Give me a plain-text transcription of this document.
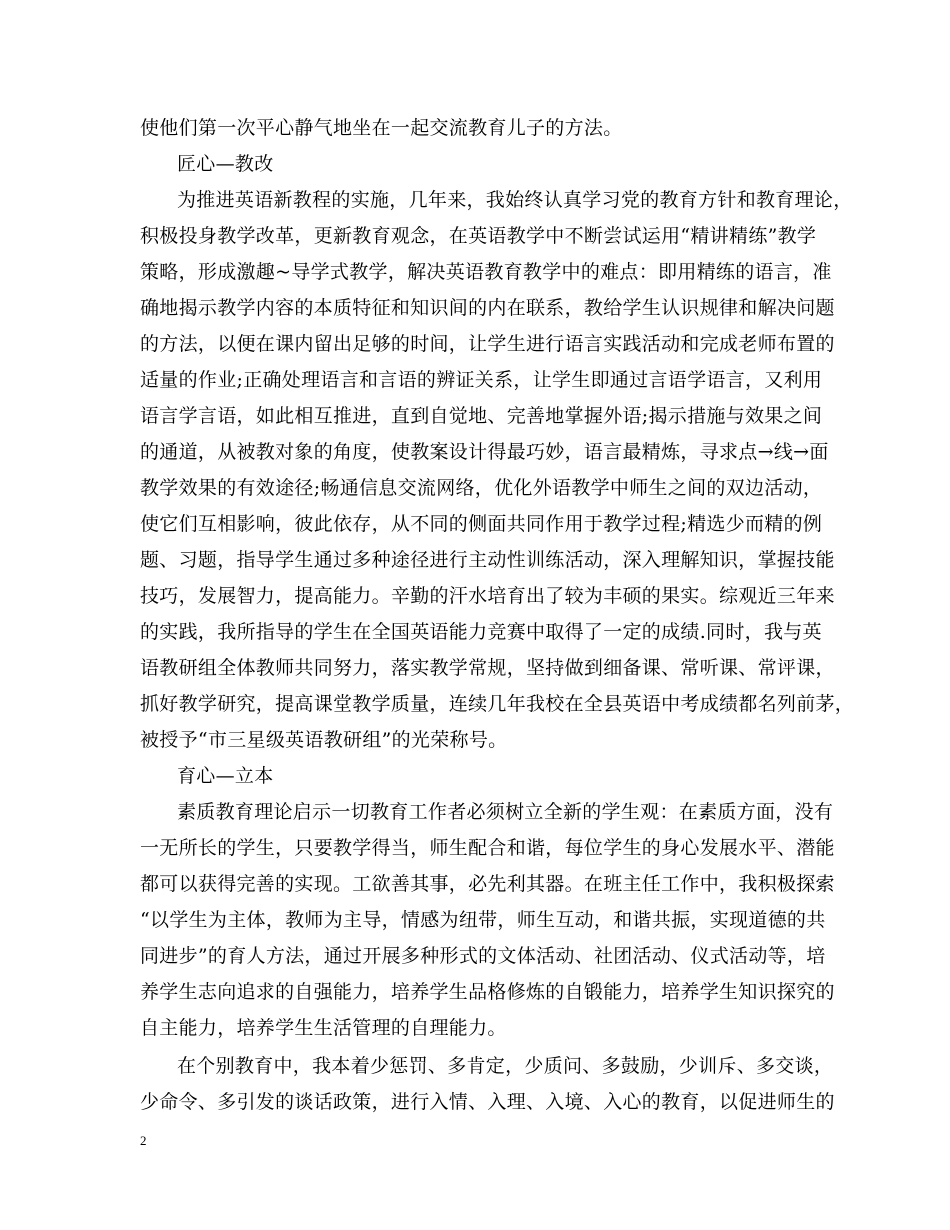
使他们第一次平心静气地坐在一起交流教育儿子的方法。
匠心—教改
为推进英语新教程的实施，几年来，我始终认真学习党的教育方针和教育理论，
积极投身教学改革，更新教育观念，在英语教学中不断尝试运用“精讲精练”教学
策略，形成激趣~导学式教学，解决英语教育教学中的难点：即用精练的语言，准
确地揭示教学内容的本质特征和知识间的内在联系，教给学生认识规律和解决问题
的方法，以便在课内留出足够的时间，让学生进行语言实践活动和完成老师布置的
适量的作业;正确处理语言和言语的辨证关系，让学生即通过言语学语言，又利用
语言学言语，如此相互推进，直到自觉地、完善地掌握外语;揭示措施与效果之间
的通道，从被教对象的角度，使教案设计得最巧妙，语言最精炼，寻求点→线→面
教学效果的有效途径;畅通信息交流网络，优化外语教学中师生之间的双边活动，
使它们互相影响，彼此依存，从不同的侧面共同作用于教学过程;精选少而精的例
题、习题，指导学生通过多种途径进行主动性训练活动，深入理解知识，掌握技能
技巧，发展智力，提高能力。辛勤的汗水培育出了较为丰硕的果实。综观近三年来
的实践，我所指导的学生在全国英语能力竞赛中取得了一定的成绩.同时，我与英
语教研组全体教师共同努力，落实教学常规，坚持做到细备课、常听课、常评课，
抓好教学研究，提高课堂教学质量，连续几年我校在全县英语中考成绩都名列前茅，
被授予“市三星级英语教研组”的光荣称号。
育心—立本
素质教育理论启示一切教育工作者必须树立全新的学生观：在素质方面，没有
一无所长的学生，只要教学得当，师生配合和谐，每位学生的身心发展水平、潜能
都可以获得完善的实现。工欲善其事，必先利其器。在班主任工作中，我积极探索
“以学生为主体，教师为主导，情感为纽带，师生互动，和谐共振，实现道德的共
同进步”的育人方法，通过开展多种形式的文体活动、社团活动、仪式活动等，培
养学生志向追求的自强能力，培养学生品格修炼的自锻能力，培养学生知识探究的
自主能力，培养学生生活管理的自理能力。
在个别教育中，我本着少惩罚、多肯定，少质问、多鼓励，少训斥、多交谈，
少命令、多引发的谈话政策，进行入情、入理、入境、入心的教育，以促进师生的
2
